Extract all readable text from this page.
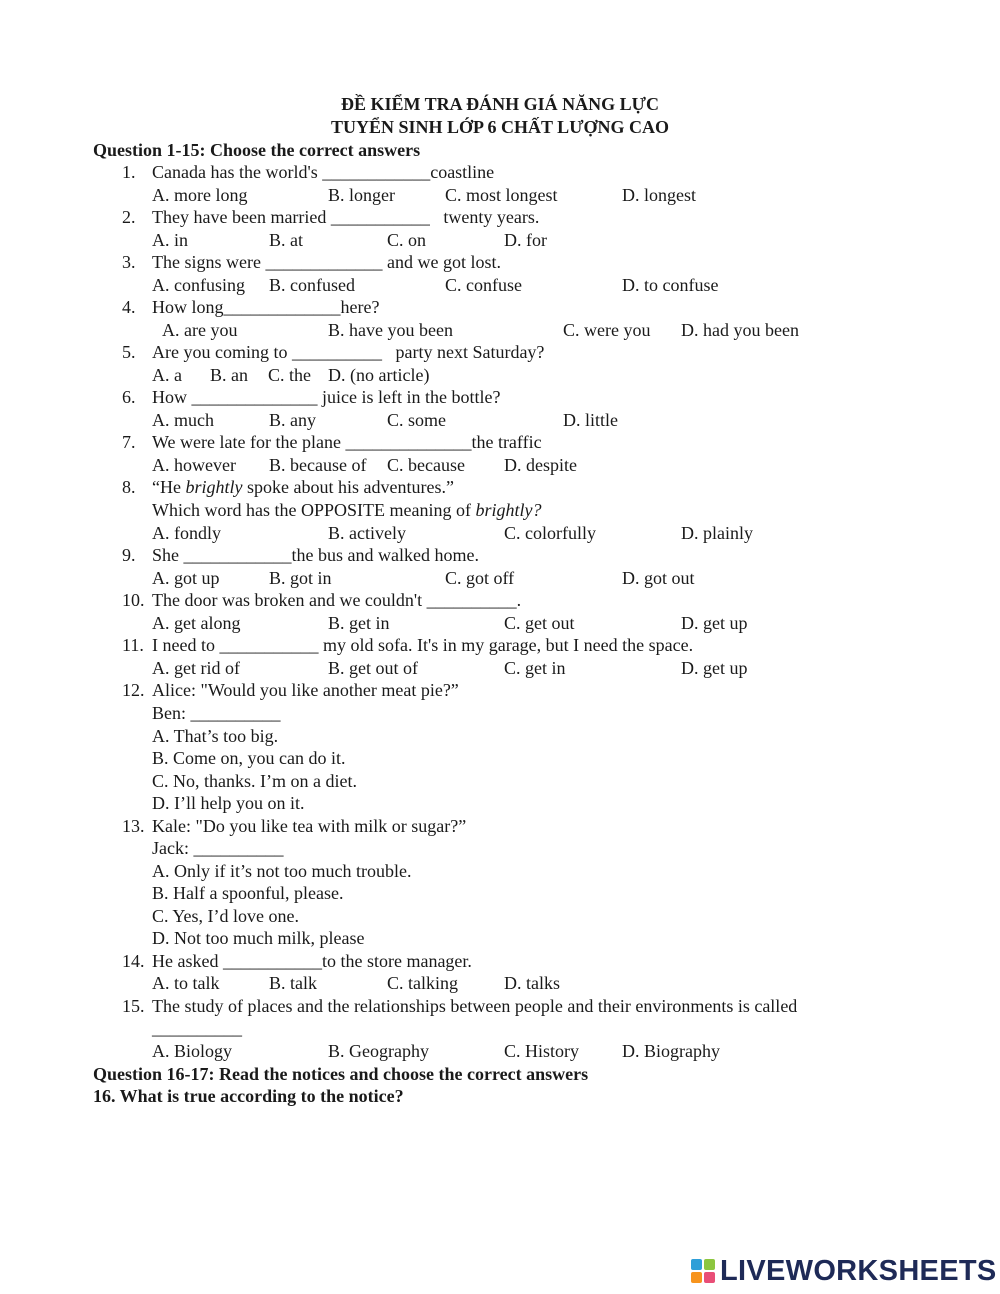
ĐỀ KIỂM TRA ĐÁNH GIÁ NĂNG LỰC
TUYỂN SINH LỚP 6 CHẤT LƯỢNG CAO
Question 1-15: Choose the correct answers
1. Canada has the world's ____________coastline
A. more long	B. longer	C. most longest	D. longest
2. They have been married ___________   twenty years.
A. in	B. at	C. on	D. for
3. The signs were _____________ and we got lost.
A. confusing B. confused	C. confuse	D. to confuse
4. How long_____________here?
A. are you	B. have you been	C. were you D. had you been
5. Are you coming to __________   party next Saturday?
A. a B. an C. the D. (no article)
6. How ______________ juice is left in the bottle?
A. much	B. any	C. some	D. little
7. We were late for the plane ______________the traffic
A. however B. because of C. because D. despite
8. “He brightly spoke about his adventures.”
Which word has the OPPOSITE meaning of brightly?
A. fondly	B. actively	C. colorfully	D. plainly
9. She ____________the bus and walked home.
A. got up	B. got in	C. got off	D. got out
10. The door was broken and we couldn't __________.
A. get along	B. get in	C. get out	D. get up
11. I need to ___________ my old sofa. It's in my garage, but I need the space.
A. get rid of	B. get out of	C. get in	D. get up
12. Alice: "Would you like another meat pie?”
Ben: __________
A. That’s too big.
B. Come on, you can do it.
C. No, thanks. I’m on a diet.
D. I’ll help you on it.
13. Kale: "Do you like tea with milk or sugar?”
Jack: __________
A. Only if it’s not too much trouble.
B. Half a spoonful, please.
C. Yes, I’d love one.
D. Not too much milk, please
14. He asked ___________to the store manager.
A. to talk	B. talk	C. talking	D. talks
15. The study of places and the relationships between people and their environments is called
__________
A. Biology	B. Geography	C. History D. Biography
Question 16-17: Read the notices and choose the correct answers
16. What is true according to the notice?
LIVEWORKSHEETS
